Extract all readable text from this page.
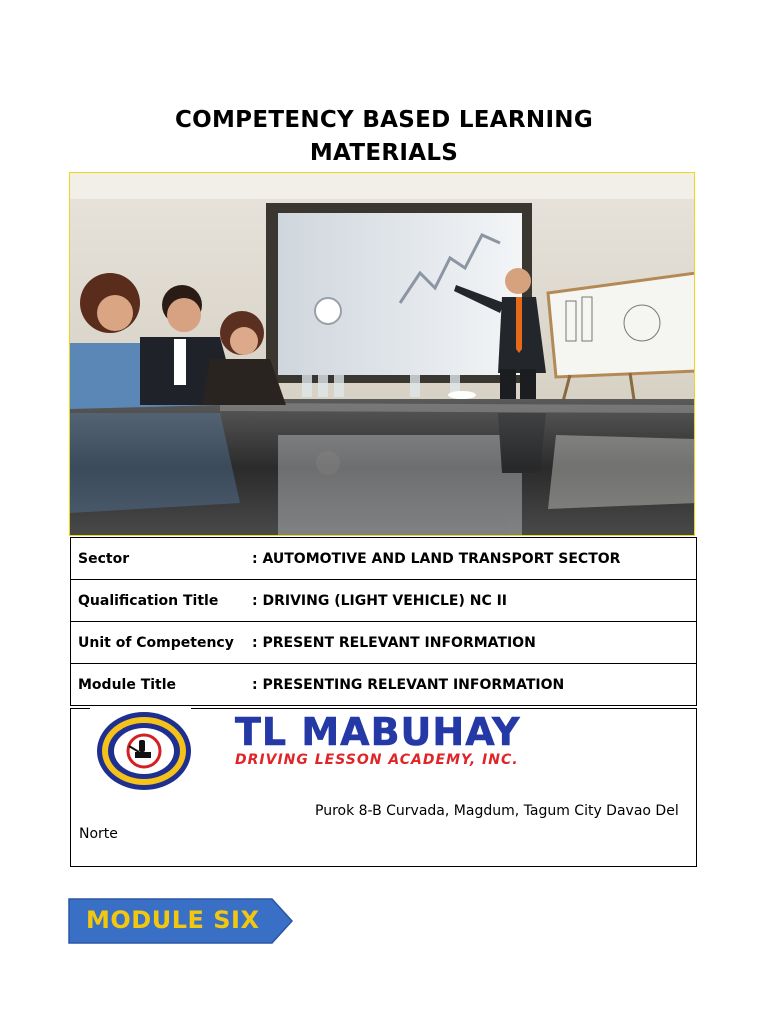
COMPETENCY BASED LEARNING
MATERIALS
Sector	: AUTOMOTIVE AND LAND TRANSPORT SECTOR
Qualification Title	: DRIVING (LIGHT VEHICLE) NC II
Unit of Competency	: PRESENT RELEVANT INFORMATION
Module Title	: PRESENTING RELEVANT INFORMATION
TL MABUHAY
DRIVING LESSON ACADEMY, INC.
Purok 8-B Curvada, Magdum, Tagum City Davao Del Norte
MODULE SIX
